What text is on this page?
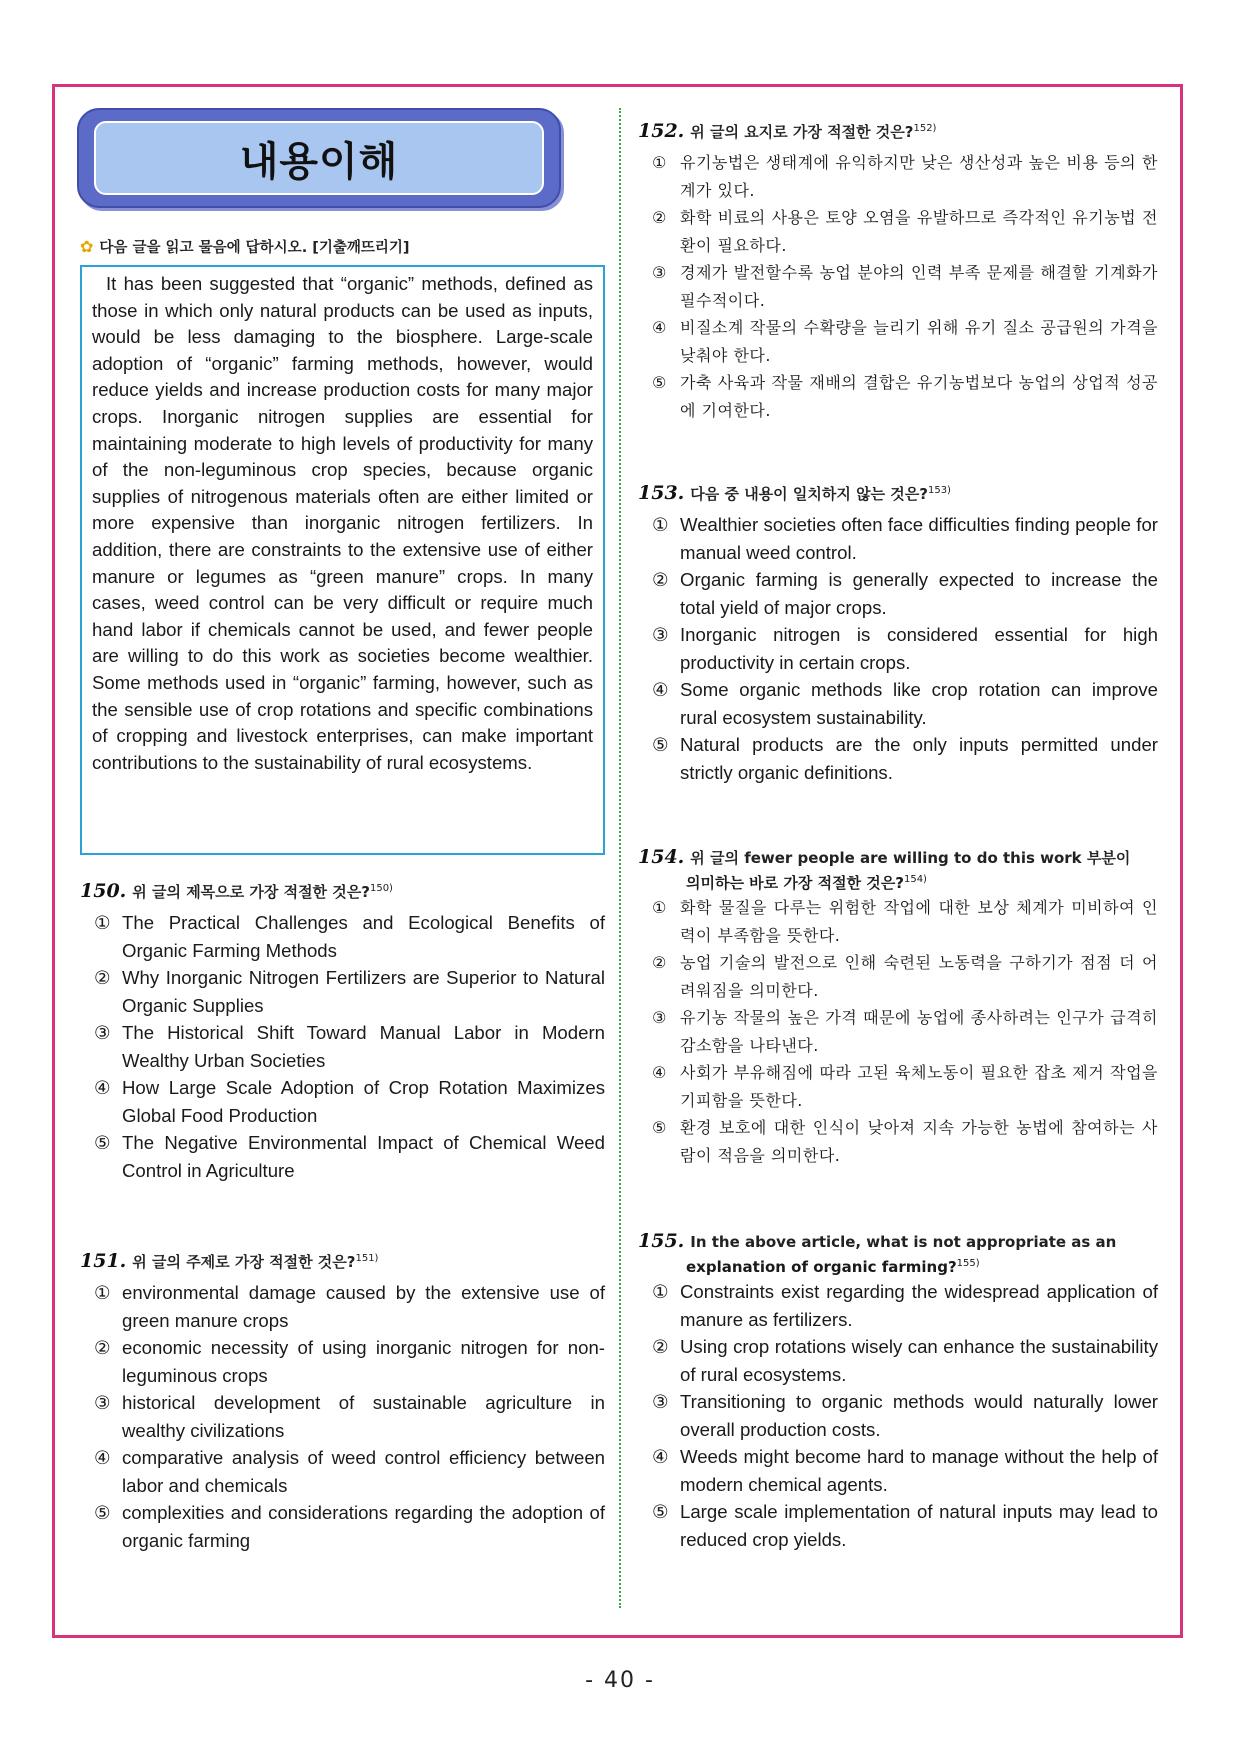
내용이해
✿ 다음 글을 읽고 물음에 답하시오. [기출깨뜨리기]

It has been suggested that “organic” methods, defined as those in which only natural products can be used as inputs, would be less damaging to the biosphere. Large-scale adoption of “organic” farming methods, however, would reduce yields and increase production costs for many major crops. Inorganic nitrogen supplies are essential for maintaining moderate to high levels of productivity for many of the non-leguminous crop species, because organic supplies of nitrogenous materials often are either limited or more expensive than inorganic nitrogen fertilizers. In addition, there are constraints to the extensive use of either manure or legumes as “green manure” crops. In many cases, weed control can be very difficult or require much hand labor if chemicals cannot be used, and fewer people are willing to do this work as societies become wealthier. Some methods used in “organic” farming, however, such as the sensible use of crop rotations and specific combinations of cropping and livestock enterprises, can make important contributions to the sustainability of rural ecosystems.

150. 위 글의 제목으로 가장 적절한 것은?$^{150)}$
① The Practical Challenges and Ecological Benefits of Organic Farming Methods
② Why Inorganic Nitrogen Fertilizers are Superior to Natural Organic Supplies
③ The Historical Shift Toward Manual Labor in Modern Wealthy Urban Societies
④ How Large Scale Adoption of Crop Rotation Maximizes Global Food Production
⑤ The Negative Environmental Impact of Chemical Weed Control in Agriculture
151. 위 글의 주제로 가장 적절한 것은?$^{151)}$
① environmental damage caused by the extensive use of green manure crops
② economic necessity of using inorganic nitrogen for non-leguminous crops
③ historical development of sustainable agriculture in wealthy civilizations
④ comparative analysis of weed control efficiency between labor and chemicals
⑤ complexities and considerations regarding the adoption of organic farming
152. 위 글의 요지로 가장 적절한 것은?$^{152)}$
① 유기농법은 생태계에 유익하지만 낮은 생산성과 높은 비용 등의 한계가 있다.
② 화학 비료의 사용은 토양 오염을 유발하므로 즉각적인 유기농법 전환이 필요하다.
③ 경제가 발전할수록 농업 분야의 인력 부족 문제를 해결할 기계화가 필수적이다.
④ 비질소계 작물의 수확량을 늘리기 위해 유기 질소 공급원의 가격을 낮춰야 한다.
⑤ 가축 사육과 작물 재배의 결합은 유기농법보다 농업의 상업적 성공에 기여한다.
153. 다음 중 내용이 일치하지 않는 것은?$^{153)}$
① Wealthier societies often face difficulties finding people for manual weed control.
② Organic farming is generally expected to increase the total yield of major crops.
③ Inorganic nitrogen is considered essential for high productivity in certain crops.
④ Some organic methods like crop rotation can improve rural ecosystem sustainability.
⑤ Natural products are the only inputs permitted under strictly organic definitions.
154. 위 글의 fewer people are willing to do this work 부분이
의미하는 바로 가장 적절한 것은?$^{154)}$
① 화학 물질을 다루는 위험한 작업에 대한 보상 체계가 미비하여 인력이 부족함을 뜻한다.
② 농업 기술의 발전으로 인해 숙련된 노동력을 구하기가 점점 더 어려워짐을 의미한다.
③ 유기농 작물의 높은 가격 때문에 농업에 종사하려는 인구가 급격히 감소함을 나타낸다.
④ 사회가 부유해짐에 따라 고된 육체노동이 필요한 잡초 제거 작업을 기피함을 뜻한다.
⑤ 환경 보호에 대한 인식이 낮아져 지속 가능한 농법에 참여하는 사람이 적음을 의미한다.
155. In the above article, what is not appropriate as an
explanation of organic farming?$^{155)}$
① Constraints exist regarding the widespread application of manure as fertilizers.
② Using crop rotations wisely can enhance the sustainability of rural ecosystems.
③ Transitioning to organic methods would naturally lower overall production costs.
④ Weeds might become hard to manage without the help of modern chemical agents.
⑤ Large scale implementation of natural inputs may lead to reduced crop yields.
- 40 -
